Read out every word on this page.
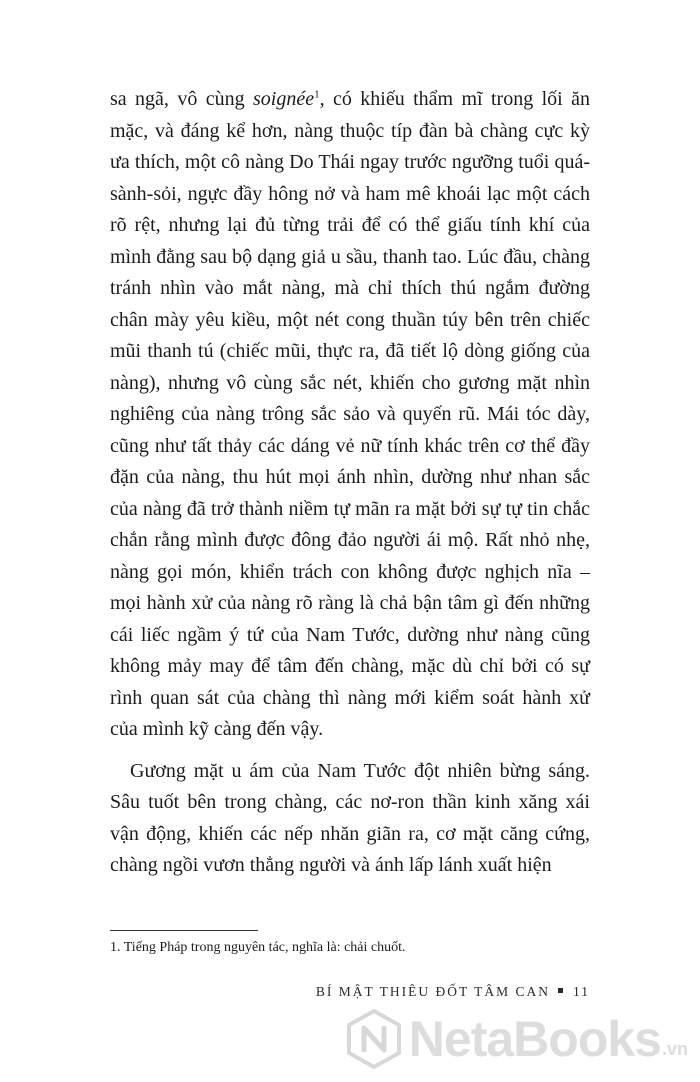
sa ngã, vô cùng soignée$^1$, có khiếu thẩm mĩ trong lối ăn mặc, và đáng kể hơn, nàng thuộc típ đàn bà chàng cực kỳ ưa thích, một cô nàng Do Thái ngay trước ngưỡng tuổi quá-sành-sỏi, ngực đầy hông nở và ham mê khoái lạc một cách rõ rệt, nhưng lại đủ từng trải để có thể giấu tính khí của mình đằng sau bộ dạng giả u sầu, thanh tao. Lúc đầu, chàng tránh nhìn vào mắt nàng, mà chỉ thích thú ngắm đường chân mày yêu kiều, một nét cong thuần túy bên trên chiếc mũi thanh tú (chiếc mũi, thực ra, đã tiết lộ dòng giống của nàng), nhưng vô cùng sắc nét, khiến cho gương mặt nhìn nghiêng của nàng trông sắc sảo và quyến rũ. Mái tóc dày, cũng như tất thảy các dáng vẻ nữ tính khác trên cơ thể đầy đặn của nàng, thu hút mọi ánh nhìn, dường như nhan sắc của nàng đã trở thành niềm tự mãn ra mặt bởi sự tự tin chắc chắn rằng mình được đông đảo người ái mộ. Rất nhỏ nhẹ, nàng gọi món, khiển trách con không được nghịch nĩa – mọi hành xử của nàng rõ ràng là chả bận tâm gì đến những cái liếc ngầm ý tứ của Nam Tước, dường như nàng cũng không mảy may để tâm đến chàng, mặc dù chỉ bởi có sự rình quan sát của chàng thì nàng mới kiểm soát hành xử của mình kỹ càng đến vậy.

Gương mặt u ám của Nam Tước đột nhiên bừng sáng. Sâu tuốt bên trong chàng, các nơ-ron thần kinh xăng xái vận động, khiến các nếp nhăn giãn ra, cơ mặt căng cứng, chàng ngồi vươn thẳng người và ánh lấp lánh xuất hiện

1. Tiếng Pháp trong nguyên tác, nghĩa là: chải chuốt.
BÍ MẬT THIÊU ĐỐT TÂM CAN 11
NetaBooks .vn
